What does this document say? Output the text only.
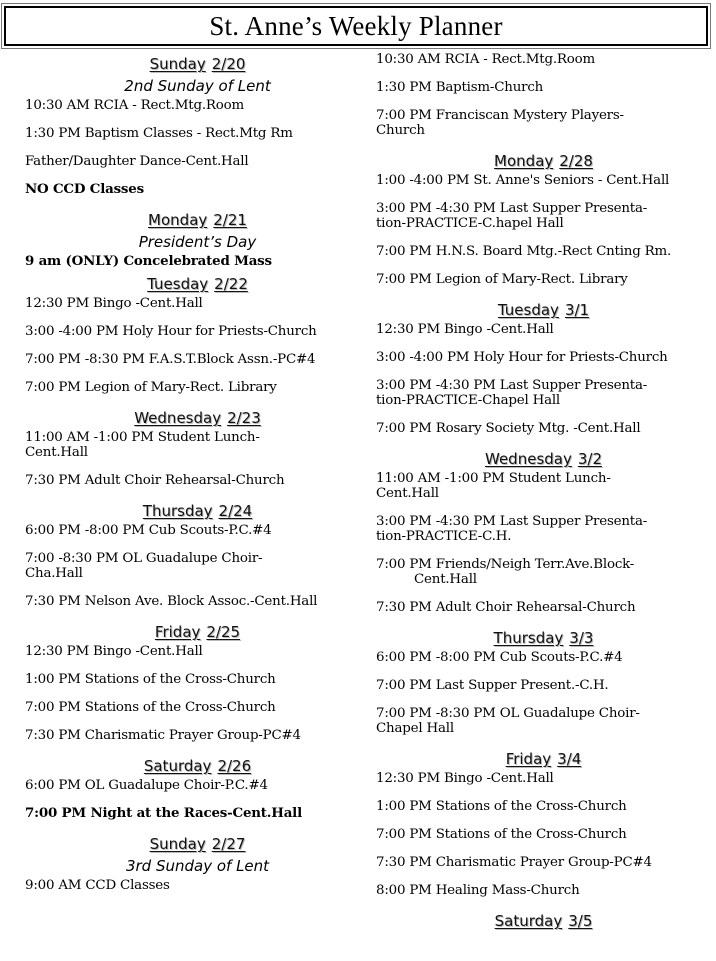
St. Anne’s Weekly Planner
Sunday 2/20
2nd Sunday of Lent
10:30 AM RCIA - Rect.Mtg.Room
1:30 PM Baptism Classes - Rect.Mtg Rm
Father/Daughter Dance-Cent.Hall
NO CCD Classes
Monday 2/21
President’s Day
9 am (ONLY) Concelebrated Mass
Tuesday 2/22
12:30 PM Bingo -Cent.Hall
3:00 -4:00 PM Holy Hour for Priests-Church
7:00 PM -8:30 PM F.A.S.T.Block Assn.-PC#4
7:00 PM Legion of Mary-Rect. Library
Wednesday 2/23
11:00 AM -1:00 PM Student Lunch-
Cent.Hall
7:30 PM Adult Choir Rehearsal-Church
Thursday 2/24
6:00 PM -8:00 PM Cub Scouts-P.C.#4
7:00 -8:30 PM OL Guadalupe Choir-
Cha.Hall
7:30 PM Nelson Ave. Block Assoc.-Cent.Hall
Friday 2/25
12:30 PM Bingo -Cent.Hall
1:00 PM Stations of the Cross-Church
7:00 PM Stations of the Cross-Church
7:30 PM Charismatic Prayer Group-PC#4
Saturday 2/26
6:00 PM OL Guadalupe Choir-P.C.#4
7:00 PM Night at the Races-Cent.Hall
Sunday 2/27
3rd Sunday of Lent
9:00 AM CCD Classes
10:30 AM RCIA - Rect.Mtg.Room
1:30 PM Baptism-Church
7:00 PM Franciscan Mystery Players-
Church
Monday 2/28
1:00 -4:00 PM St. Anne's Seniors - Cent.Hall
3:00 PM -4:30 PM Last Supper Presenta-
tion-PRACTICE-C.hapel Hall
7:00 PM H.N.S. Board Mtg.-Rect Cnting Rm.
7:00 PM Legion of Mary-Rect. Library
Tuesday 3/1
12:30 PM Bingo -Cent.Hall
3:00 -4:00 PM Holy Hour for Priests-Church
3:00 PM -4:30 PM Last Supper Presenta-
tion-PRACTICE-Chapel Hall
7:00 PM Rosary Society Mtg. -Cent.Hall
Wednesday 3/2
11:00 AM -1:00 PM Student Lunch-
Cent.Hall
3:00 PM -4:30 PM Last Supper Presenta-
tion-PRACTICE-C.H.
7:00 PM Friends/Neigh Terr.Ave.Block-
Cent.Hall
7:30 PM Adult Choir Rehearsal-Church
Thursday 3/3
6:00 PM -8:00 PM Cub Scouts-P.C.#4
7:00 PM Last Supper Present.-C.H.
7:00 PM -8:30 PM OL Guadalupe Choir-
Chapel Hall
Friday 3/4
12:30 PM Bingo -Cent.Hall
1:00 PM Stations of the Cross-Church
7:00 PM Stations of the Cross-Church
7:30 PM Charismatic Prayer Group-PC#4
8:00 PM Healing Mass-Church
Saturday 3/5
